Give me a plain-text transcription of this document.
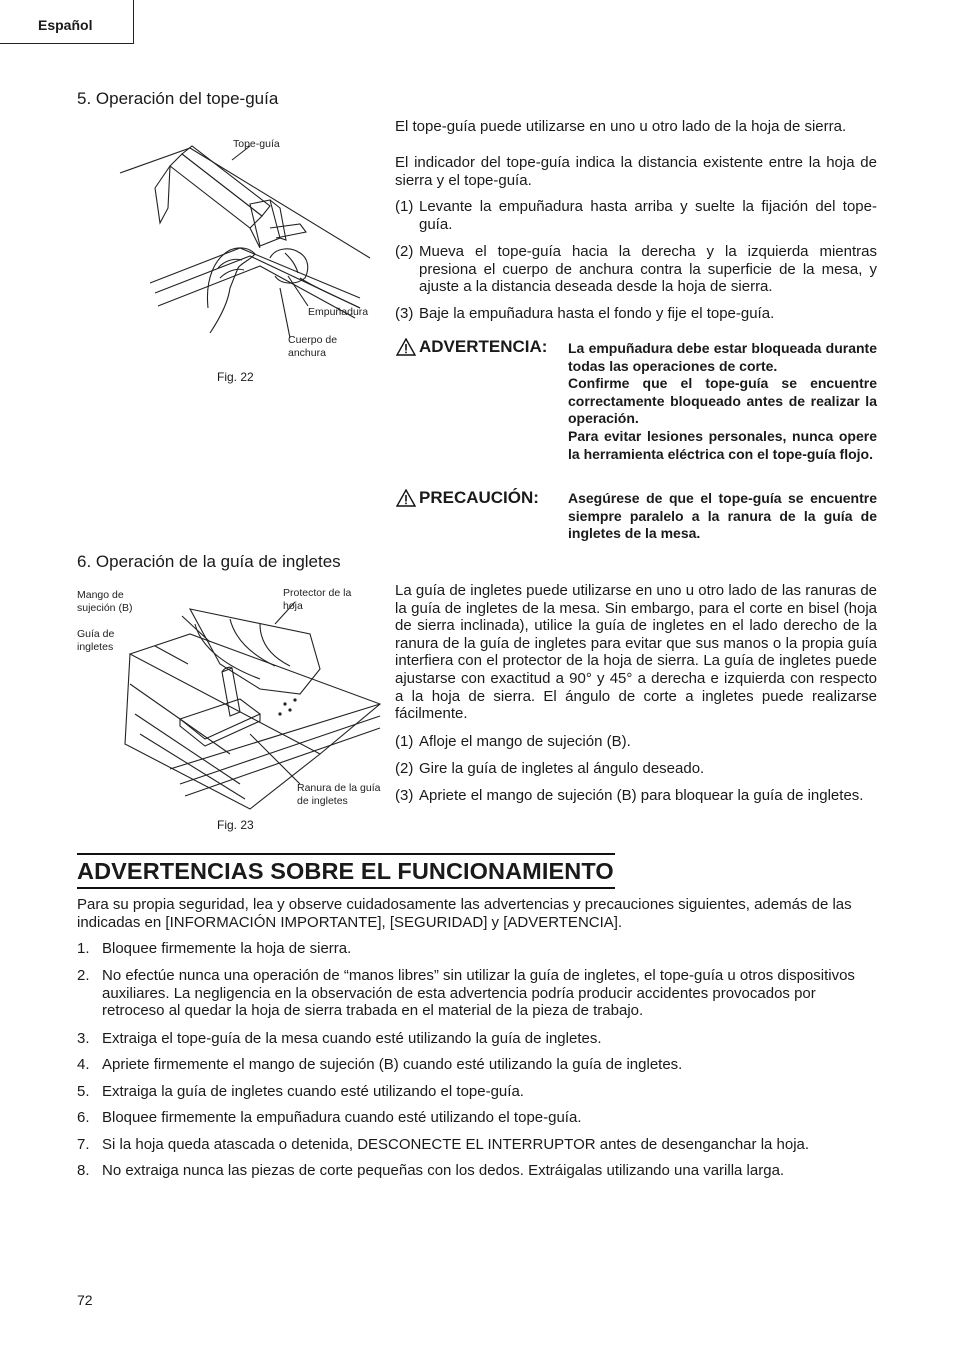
Español
5. Operación del tope-guía
Tope-guía
Empuñadura
Cuerpo de anchura
Fig. 22
El tope-guía puede utilizarse en uno u otro lado de la hoja de sierra.
El indicador del tope-guía indica la distancia existente entre la hoja de sierra y el tope-guía.
(1) Levante la empuñadura hasta arriba y suelte la fijación del tope-guía.
(2) Mueva el tope-guía hacia la derecha y la izquierda mientras presiona el cuerpo de anchura contra la superficie de la mesa, y ajuste a la distancia deseada desde la hoja de sierra.
(3) Baje la empuñadura hasta el fondo y fije el tope-guía.
ADVERTENCIA: La empuñadura debe estar bloqueada durante todas las operaciones de corte.
Confirme que el tope-guía se encuentre correctamente bloqueado antes de realizar la operación.
Para evitar lesiones personales, nunca opere la herramienta eléctrica con el tope-guía flojo.
PRECAUCIÓN: Asegúrese de que el tope-guía se encuentre siempre paralelo a la ranura de la guía de ingletes de la mesa.
6. Operación de la guía de ingletes
Mango de sujeción (B)
Guía de ingletes
Protector de la hoja
Ranura de la guía de ingletes
Fig. 23
La guía de ingletes puede utilizarse en uno u otro lado de las ranuras de la guía de ingletes de la mesa. Sin embargo, para el corte en bisel (hoja de sierra inclinada), utilice la guía de ingletes en el lado derecho de la ranura de la guía de ingletes para evitar que sus manos o la propia guía interfiera con el protector de la hoja de sierra. La guía de ingletes puede ajustarse con exactitud a 90° y 45° a derecha e izquierda con respecto a la hoja de sierra. El ángulo de corte a ingletes puede realizarse fácilmente.
(1) Afloje el mango de sujeción (B).
(2) Gire la guía de ingletes al ángulo deseado.
(3) Apriete el mango de sujeción (B) para bloquear la guía de ingletes.
ADVERTENCIAS SOBRE EL FUNCIONAMIENTO
Para su propia seguridad, lea y observe cuidadosamente las advertencias y precauciones siguientes, además de las indicadas en [INFORMACIÓN IMPORTANTE], [SEGURIDAD] y [ADVERTENCIA].
1. Bloquee firmemente la hoja de sierra.
2. No efectúe nunca una operación de “manos libres” sin utilizar la guía de ingletes, el tope-guía u otros dispositivos auxiliares. La negligencia en la observación de esta advertencia podría producir accidentes provocados por retroceso al quedar la hoja de sierra trabada en el material de la pieza de trabajo.
3. Extraiga el tope-guía de la mesa cuando esté utilizando la guía de ingletes.
4. Apriete firmemente el mango de sujeción (B) cuando esté utilizando la guía de ingletes.
5. Extraiga la guía de ingletes cuando esté utilizando el tope-guía.
6. Bloquee firmemente la empuñadura cuando esté utilizando el tope-guía.
7. Si la hoja queda atascada o detenida, DESCONECTE EL INTERRUPTOR antes de desenganchar la hoja.
8. No extraiga nunca las piezas de corte pequeñas con los dedos. Extráigalas utilizando una varilla larga.
72
